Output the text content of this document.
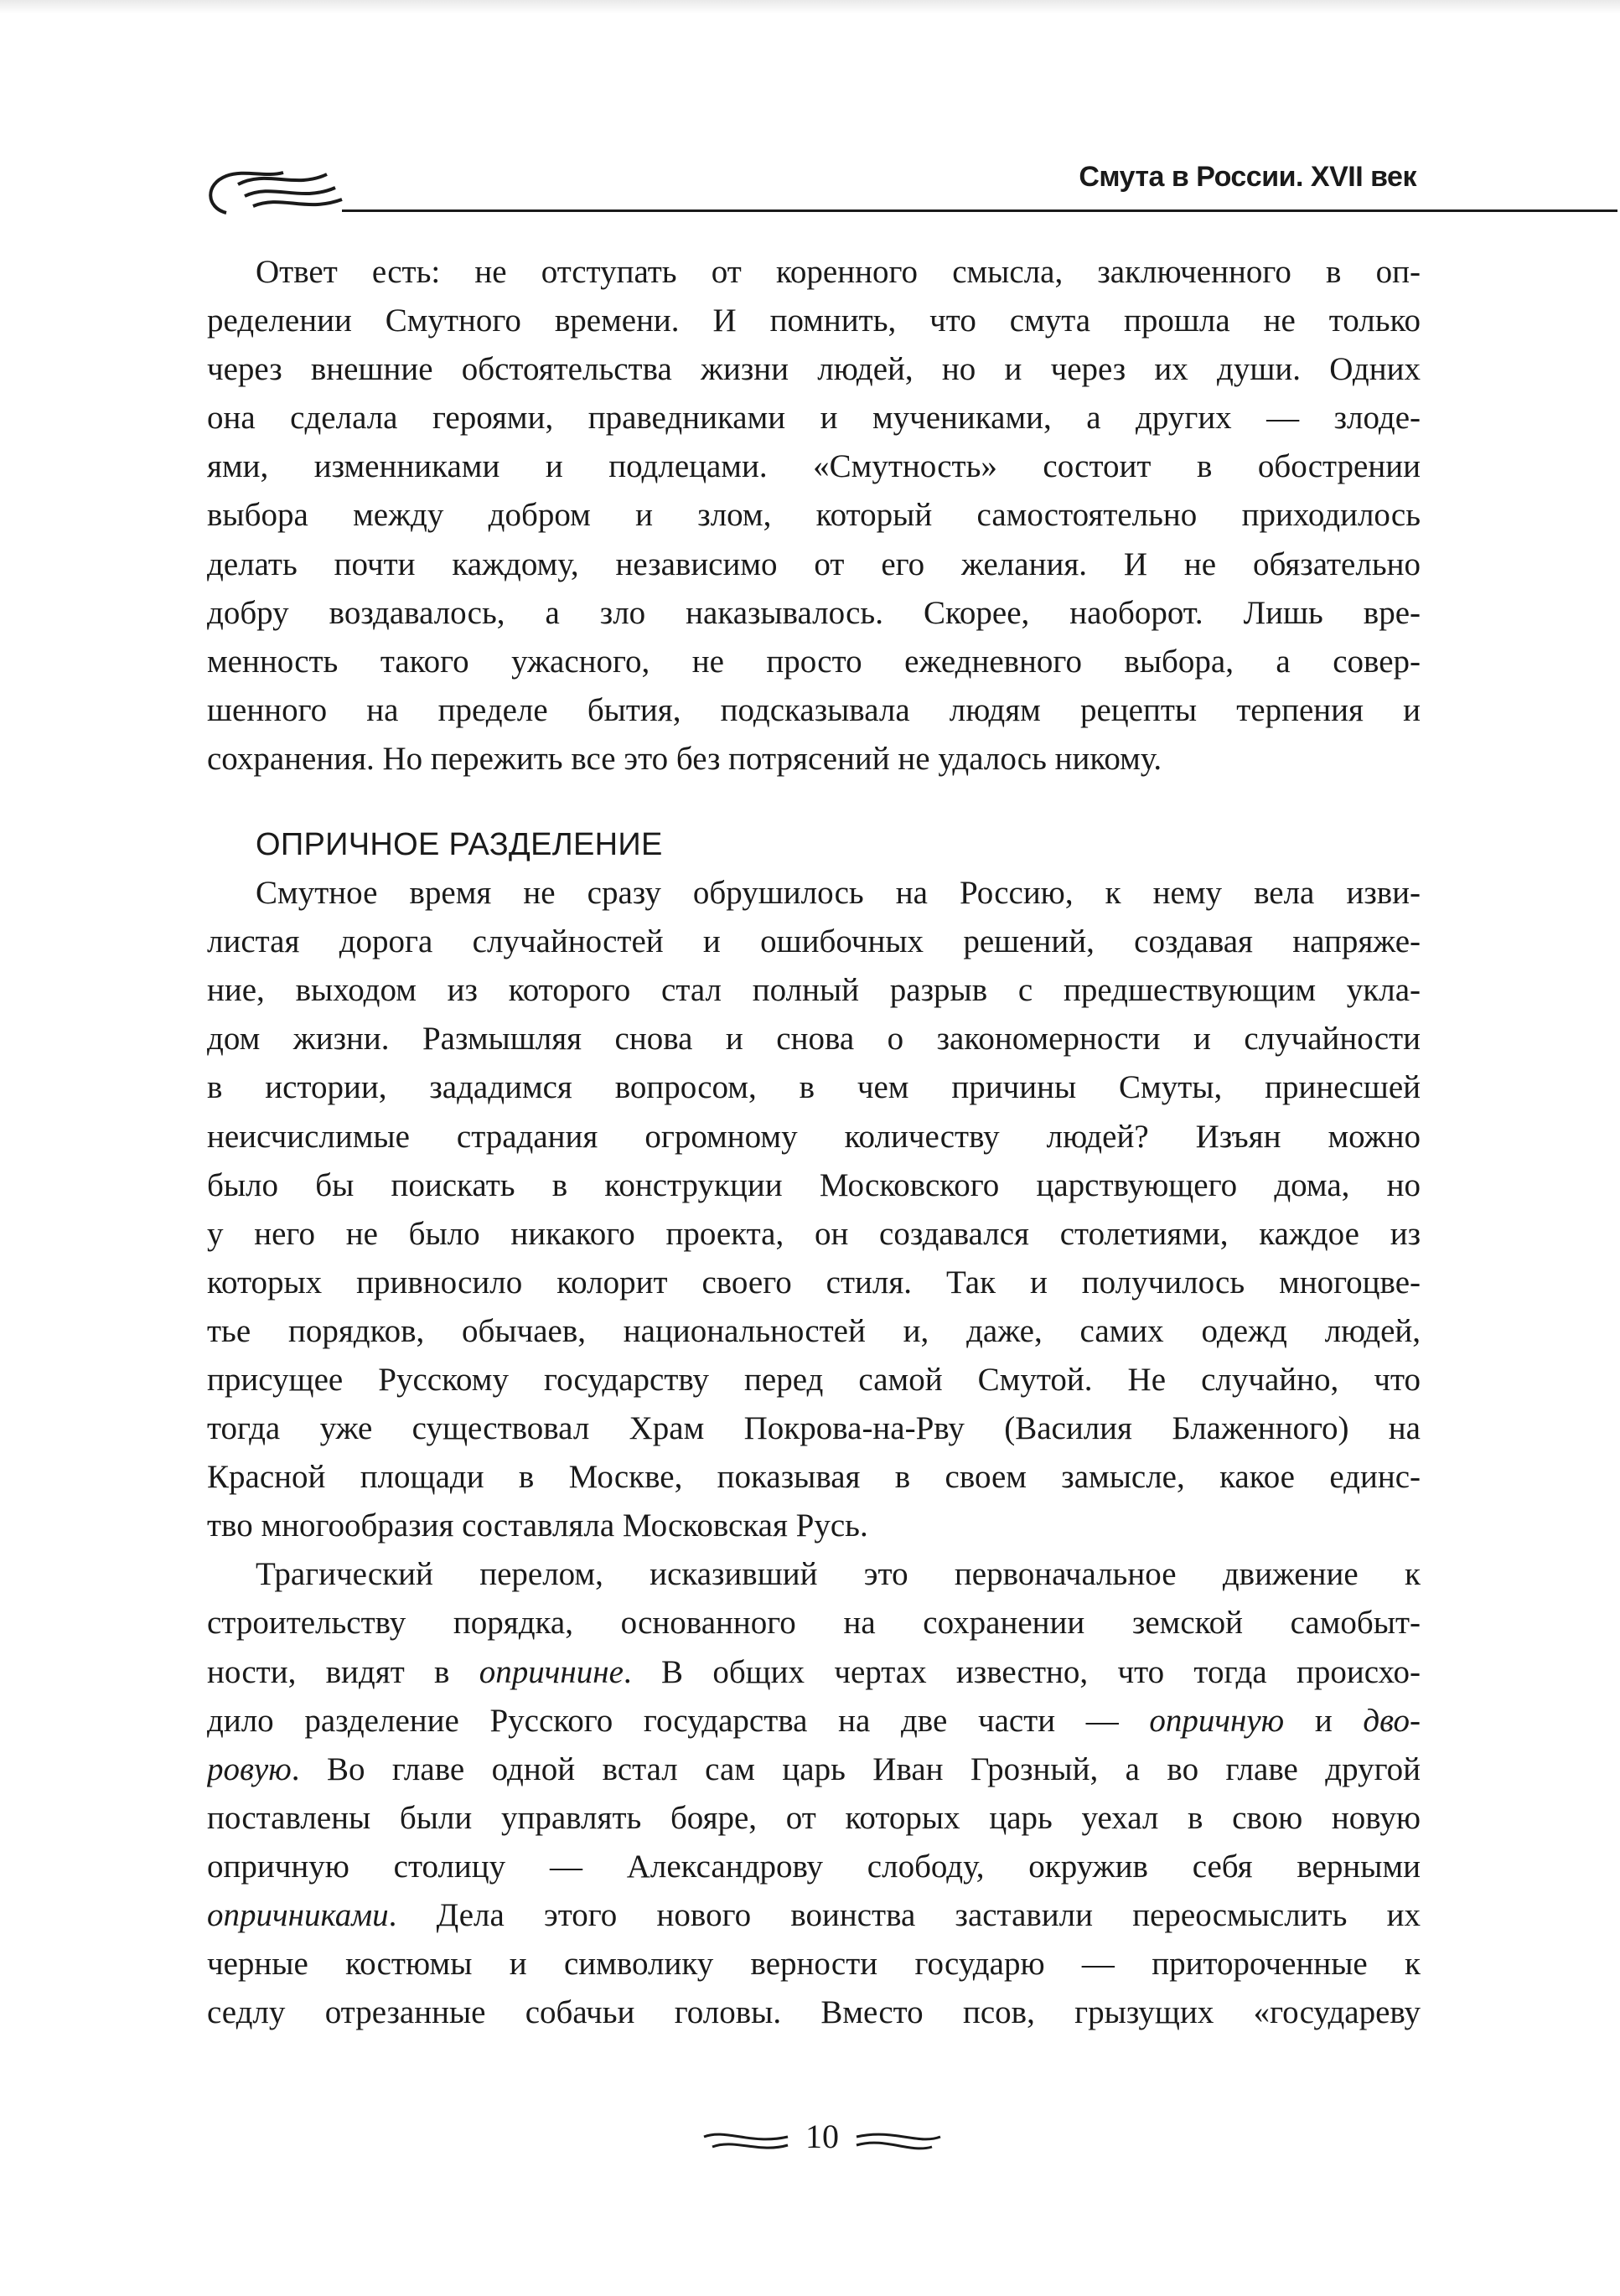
Смута в России. XVII век
Ответ есть: не отступать от коренного смысла, заключенного в оп-
ределении Смутного времени. И помнить, что смута прошла не только
через внешние обстоятельства жизни людей, но и через их души. Одних
она сделала героями, праведниками и мучениками, а других — злоде-
ями, изменниками и подлецами. «Смутность» состоит в обострении
выбора между добром и злом, который самостоятельно приходилось
делать почти каждому, независимо от его желания. И не обязательно
добру воздавалось, а зло наказывалось. Скорее, наоборот. Лишь вре-
менность такого ужасного, не просто ежедневного выбора, а совер-
шенного на пределе бытия, подсказывала людям рецепты терпения и
сохранения. Но пережить все это без потрясений не удалось никому.
ОПРИЧНОЕ РАЗДЕЛЕНИЕ
Смутное время не сразу обрушилось на Россию, к нему вела изви-
листая дорога случайностей и ошибочных решений, создавая напряже-
ние, выходом из которого стал полный разрыв с предшествующим укла-
дом жизни. Размышляя снова и снова о закономерности и случайности
в истории, зададимся вопросом, в чем причины Смуты, принесшей
неисчислимые страдания огромному количеству людей? Изъян можно
было бы поискать в конструкции Московского царствующего дома, но
у него не было никакого проекта, он создавался столетиями, каждое из
которых привносило колорит своего стиля. Так и получилось многоцве-
тье порядков, обычаев, национальностей и, даже, самих одежд людей,
присущее Русскому государству перед самой Смутой. Не случайно, что
тогда уже существовал Храм Покрова-на-Рву (Василия Блаженного) на
Красной площади в Москве, показывая в своем замысле, какое единс-
тво многообразия составляла Московская Русь.
Трагический перелом, исказивший это первоначальное движение к
строительству порядка, основанного на сохранении земской самобыт-
ности, видят в опричнине. В общих чертах известно, что тогда происхо-
дило разделение Русского государства на две части — опричную и дво-
ровую. Во главе одной встал сам царь Иван Грозный, а во главе другой
поставлены были управлять бояре, от которых царь уехал в свою новую
опричную столицу — Александрову слободу, окружив себя верными
опричниками. Дела этого нового воинства заставили переосмыслить их
черные костюмы и символику верности государю — притороченные к
седлу отрезанные собачьи головы. Вместо псов, грызущих «государеву
10
